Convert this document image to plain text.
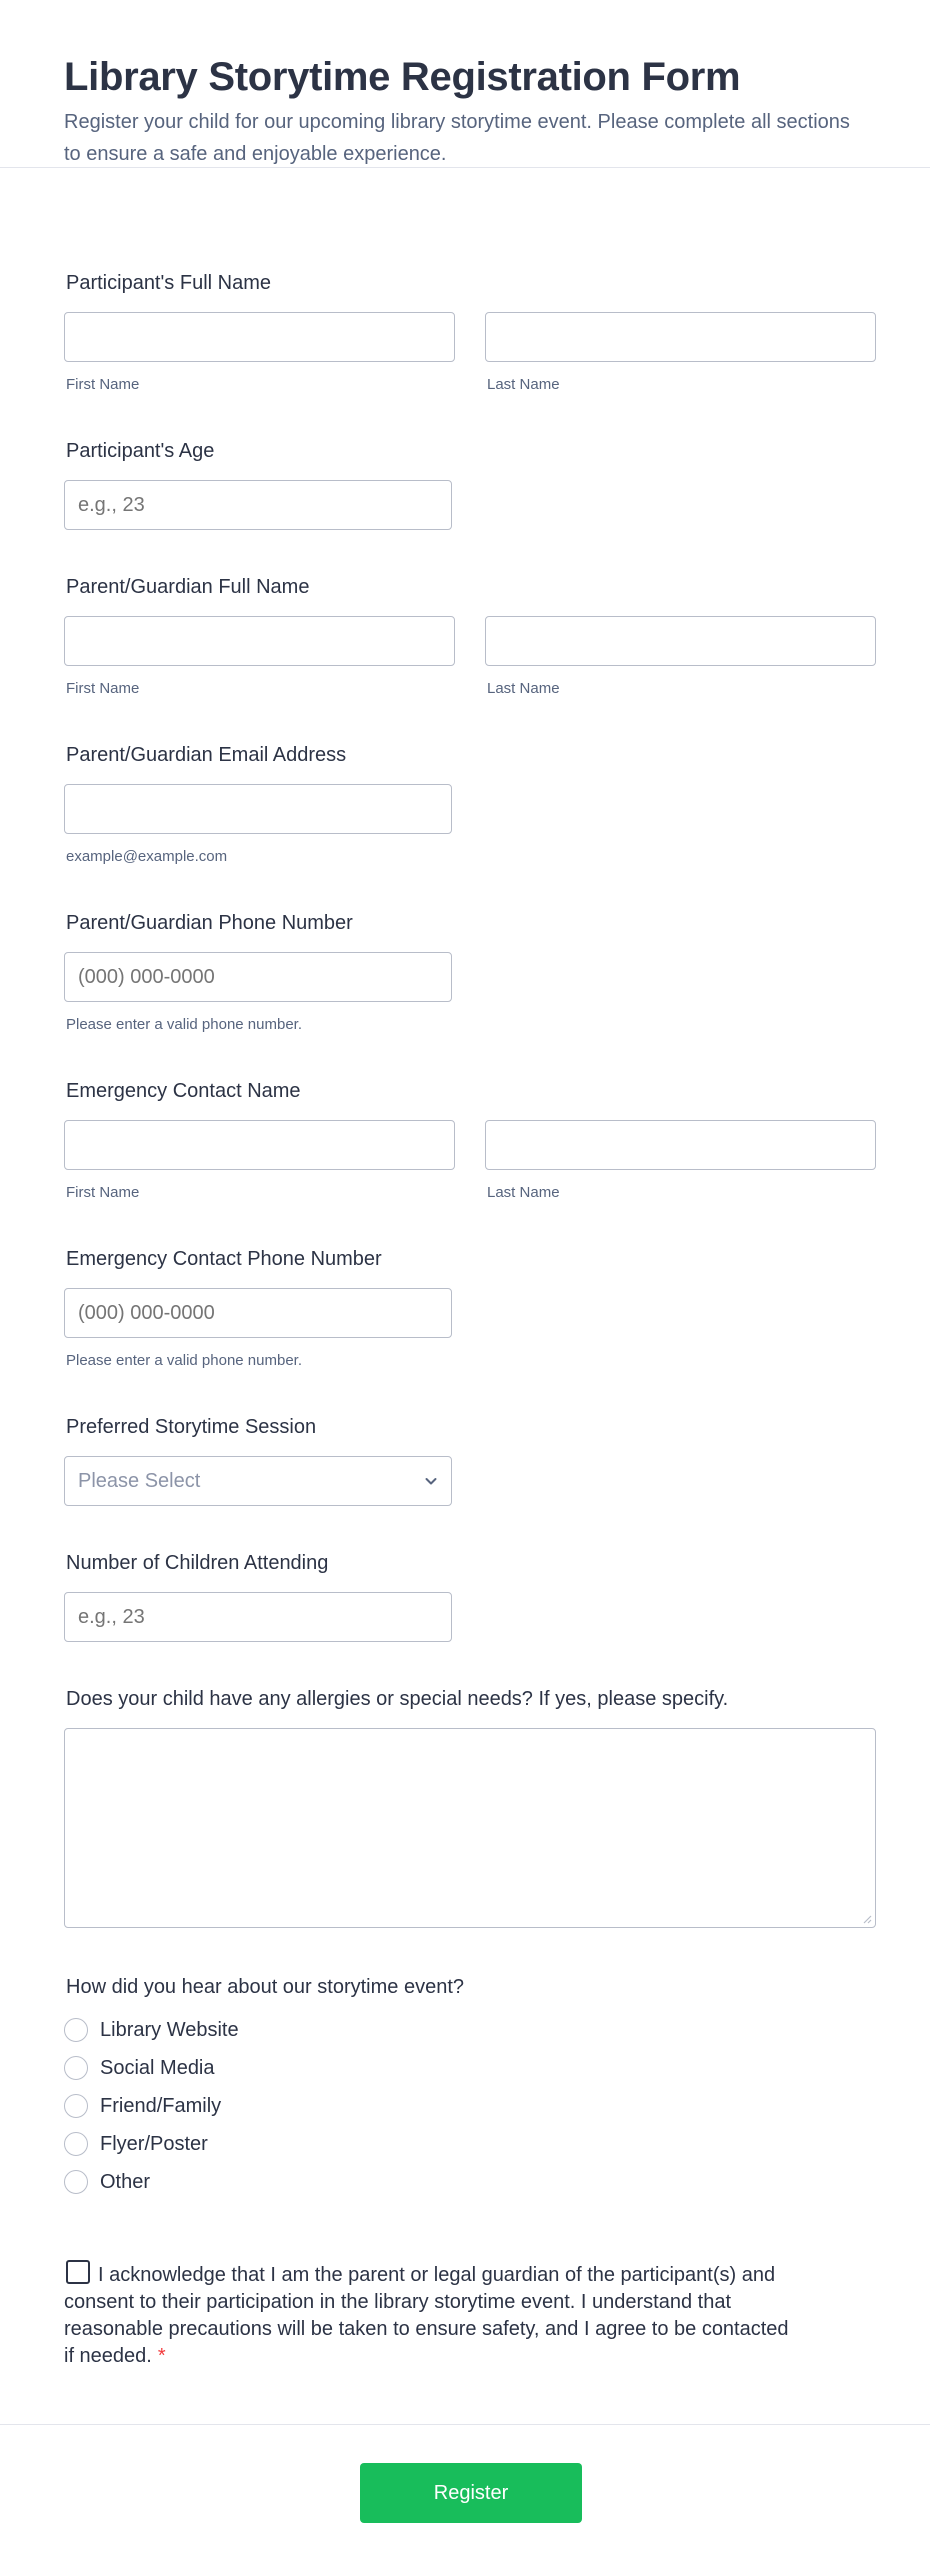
Library Storytime Registration Form
Register your child for our upcoming library storytime event. Please complete all sections to ensure a safe and enjoyable experience.
Participant's Full Name
First Name	Last Name
Participant's Age
e.g., 23
Parent/Guardian Full Name
First Name	Last Name
Parent/Guardian Email Address
example@example.com
Parent/Guardian Phone Number
(000) 000-0000
Please enter a valid phone number.
Emergency Contact Name
First Name	Last Name
Emergency Contact Phone Number
(000) 000-0000
Please enter a valid phone number.
Preferred Storytime Session
Please Select
Number of Children Attending
e.g., 23
Does your child have any allergies or special needs? If yes, please specify.
How did you hear about our storytime event?
Library Website
Social Media
Friend/Family
Flyer/Poster
Other
I acknowledge that I am the parent or legal guardian of the participant(s) and consent to their participation in the library storytime event. I understand that reasonable precautions will be taken to ensure safety, and I agree to be contacted if needed. *
Register
